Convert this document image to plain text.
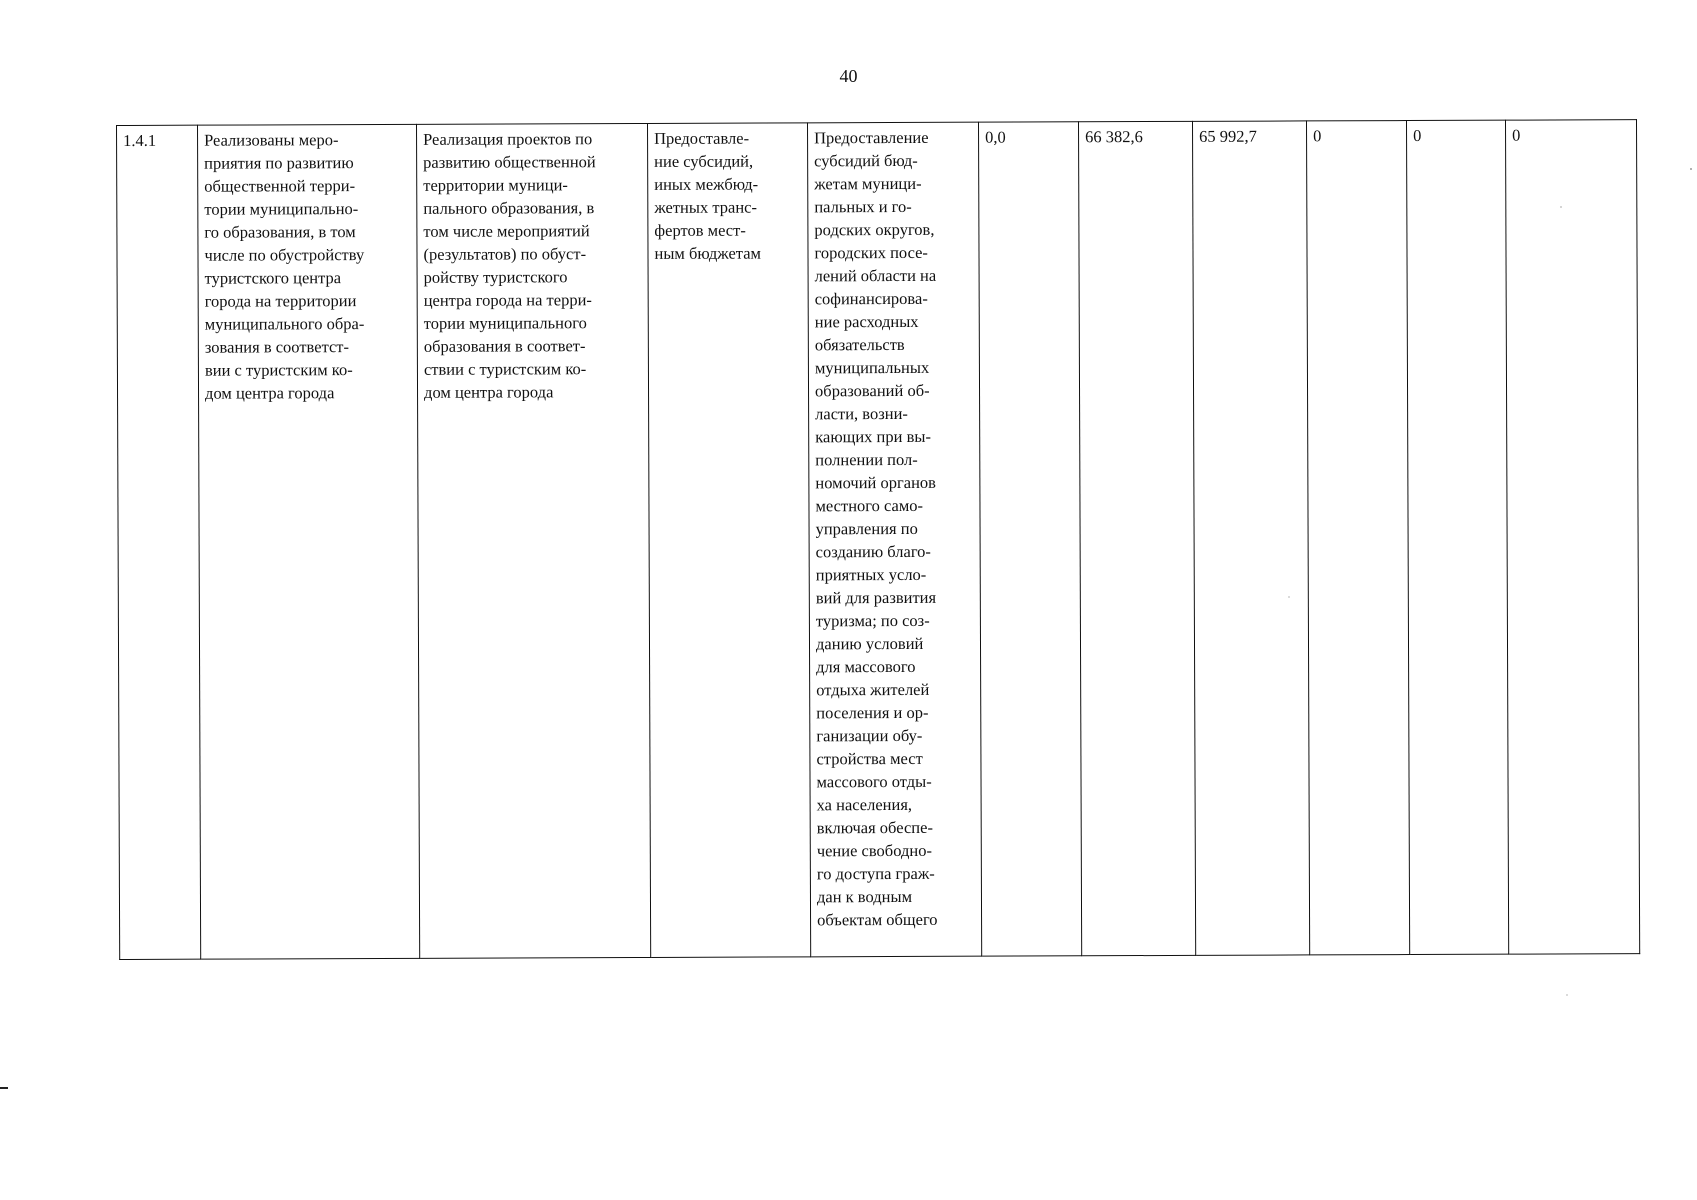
40
1.4.1	Реализованы меро-
приятия по развитию
общественной терри-
тории муниципально-
го образования, в том
числе по обустройству
туристского центра
города на территории
муниципального обра-
зования в соответст-
вии с туристским ко-
дом центра города	Реализация проектов по
развитию общественной
территории муници-
пального образования, в
том числе мероприятий
(результатов) по обуст-
ройству туристского
центра города на терри-
тории муниципального
образования в соответ-
ствии с туристским ко-
дом центра города	Предоставле-
ние субсидий,
иных межбюд-
жетных транс-
фертов мест-
ным бюджетам	Предоставление
субсидий бюд-
жетам муници-
пальных и го-
родских округов,
городских посе-
лений области на
софинансирова-
ние расходных
обязательств
муниципальных
образований об-
ласти, возни-
кающих при вы-
полнении пол-
номочий органов
местного само-
управления по
созданию благо-
приятных усло-
вий для развития
туризма; по соз-
данию условий
для массового
отдыха жителей
поселения и ор-
ганизации обу-
стройства мест
массового отды-
ха населения,
включая обеспе-
чение свободно-
го доступа граж-
дан к водным
объектам общего	0,0	66 382,6	65 992,7	0	0	0
